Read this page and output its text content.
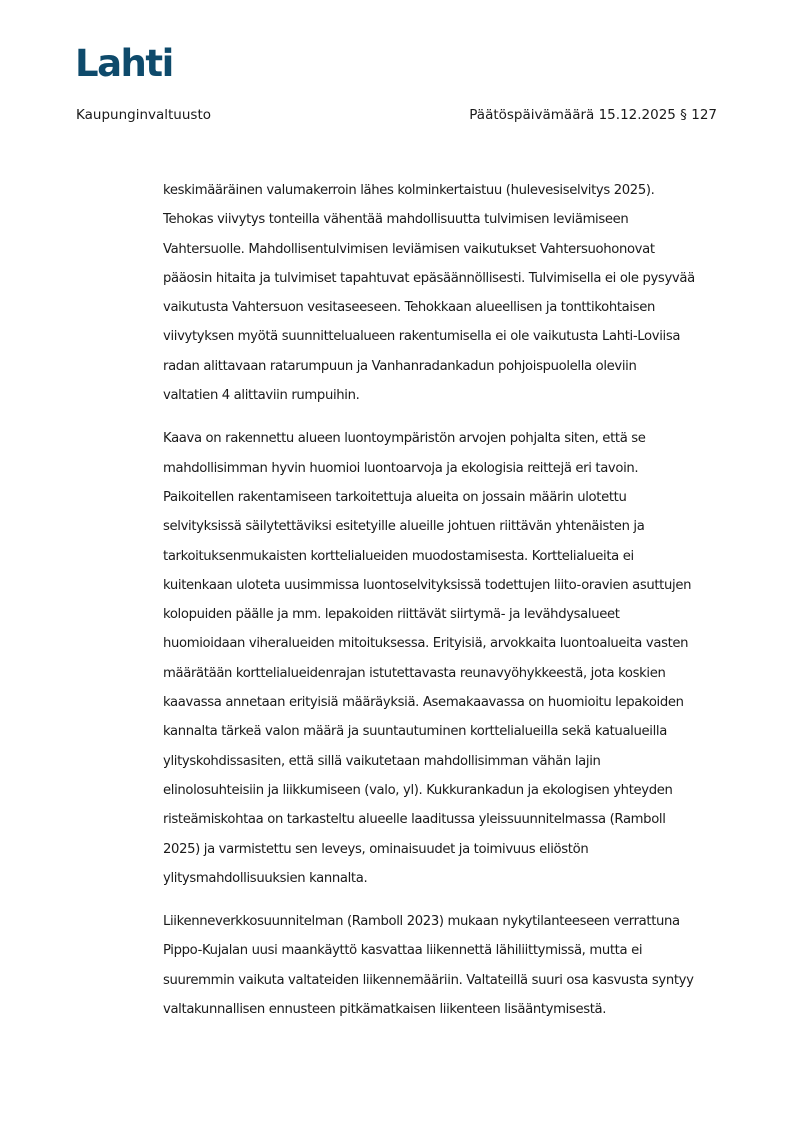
Lahti
Kaupunginvaltuusto	Päätöspäivämäärä 15.12.2025 § 127
keskimääräinen valumakerroin lähes kolminkertaistuu (hulevesiselvitys 2025).
Tehokas viivytys tonteilla vähentää mahdollisuutta tulvimisen leviämiseen
Vahtersuolle. Mahdollisentulvimisen leviämisen vaikutukset Vahtersuohonovat
pääosin hitaita ja tulvimiset tapahtuvat epäsäännöllisesti. Tulvimisella ei ole pysyvää
vaikutusta Vahtersuon vesitaseeseen. Tehokkaan alueellisen ja tonttikohtaisen
viivytyksen myötä suunnittelualueen rakentumisella ei ole vaikutusta Lahti-Loviisa
radan alittavaan ratarumpuun ja Vanhanradankadun pohjoispuolella oleviin
valtatien 4 alittaviin rumpuihin.
Kaava on rakennettu alueen luontoympäristön arvojen pohjalta siten, että se
mahdollisimman hyvin huomioi luontoarvoja ja ekologisia reittejä eri tavoin.
Paikoitellen rakentamiseen tarkoitettuja alueita on jossain määrin ulotettu
selvityksissä säilytettäviksi esitetyille alueille johtuen riittävän yhtenäisten ja
tarkoituksenmukaisten korttelialueiden muodostamisesta. Korttelialueita ei
kuitenkaan uloteta uusimmissa luontoselvityksissä todettujen liito-oravien asuttujen
kolopuiden päälle ja mm. lepakoiden riittävät siirtymä- ja levähdysalueet
huomioidaan viheralueiden mitoituksessa. Erityisiä, arvokkaita luontoalueita vasten
määrätään korttelialueidenrajan istutettavasta reunavyöhykkeestä, jota koskien
kaavassa annetaan erityisiä määräyksiä. Asemakaavassa on huomioitu lepakoiden
kannalta tärkeä valon määrä ja suuntautuminen korttelialueilla sekä katualueilla
ylityskohdissasiten, että sillä vaikutetaan mahdollisimman vähän lajin
elinolosuhteisiin ja liikkumiseen (valo, yl). Kukkurankadun ja ekologisen yhteyden
risteämiskohtaa on tarkasteltu alueelle laaditussa yleissuunnitelmassa (Ramboll
2025) ja varmistettu sen leveys, ominaisuudet ja toimivuus eliöstön
ylitysmahdollisuuksien kannalta.
Liikenneverkkosuunnitelman (Ramboll 2023) mukaan nykytilanteeseen verrattuna
Pippo-Kujalan uusi maankäyttö kasvattaa liikennettä lähiliittymissä, mutta ei
suuremmin vaikuta valtateiden liikennemääriin. Valtateillä suuri osa kasvusta syntyy
valtakunnallisen ennusteen pitkämatkaisen liikenteen lisääntymisestä.
